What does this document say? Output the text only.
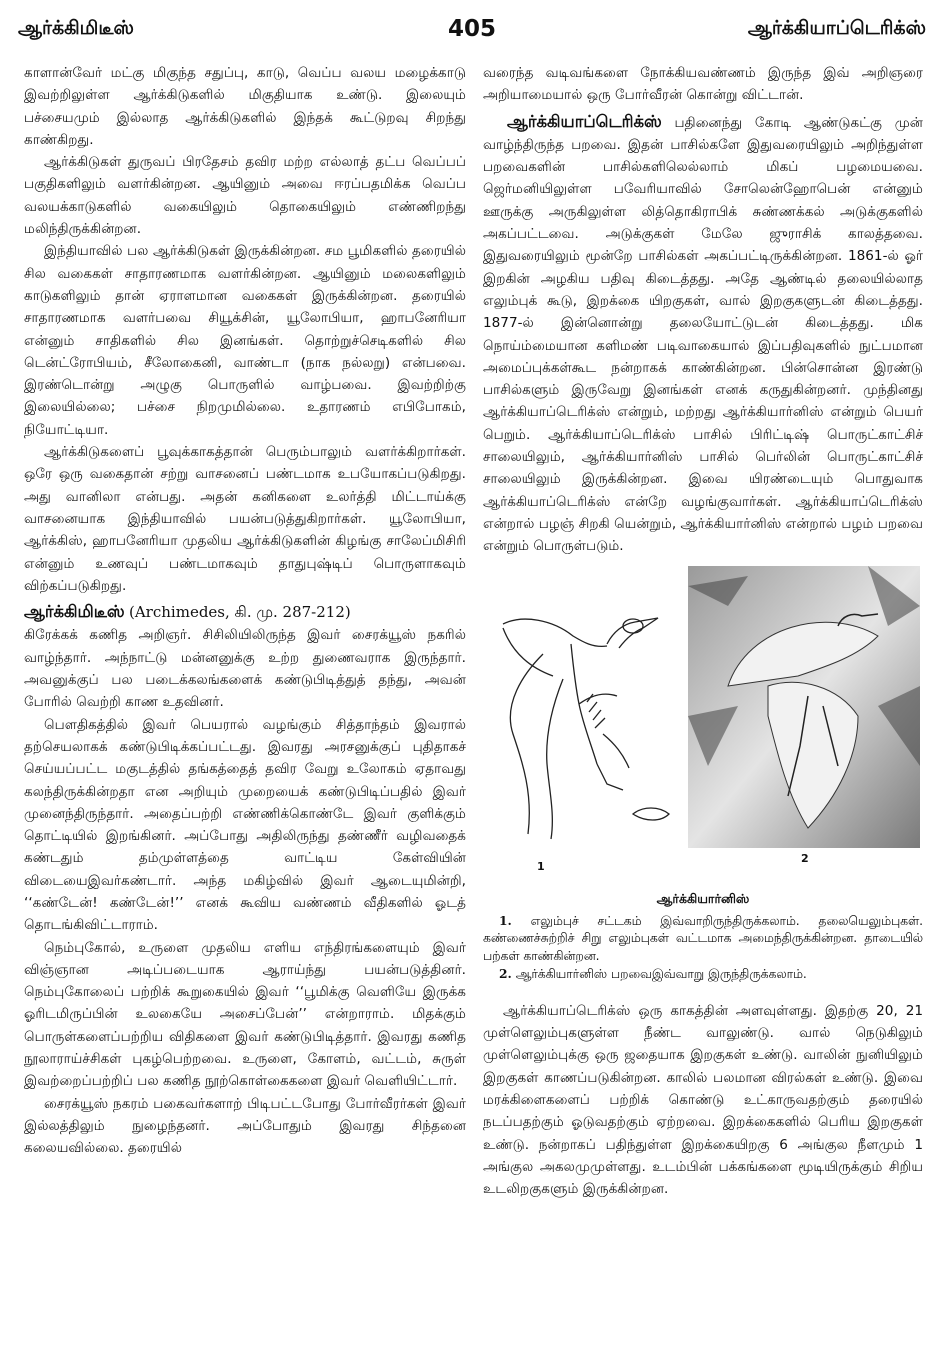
ஆர்க்கிமிடீஸ்	405	ஆர்க்கியாப்டெரிக்ஸ்

காளான்வேர் மட்கு மிகுந்த சதுப்பு, காடு, வெப்ப வலய மழைக்காடு இவற்றிலுள்ள ஆர்க்கிடுகளில் மிகுதியாக உண்டு. இலையும் பச்சையமும் இல்லாத ஆர்க்கிடுகளில் இந்தக் கூட்டுறவு சிறந்து காண்கிறது.

ஆர்க்கிடுகள் துருவப் பிரதேசம் தவிர மற்ற எல்லாத் தட்ப வெப்பப் பகுதிகளிலும் வளர்கின்றன. ஆயினும் அவை ஈரப்பதமிக்க வெப்ப வலயக்காடுகளில் வகையிலும் தொகையிலும் எண்ணிறந்து மலிந்திருக்கின்றன.

இந்தியாவில் பல ஆர்க்கிடுகள் இருக்கின்றன. சம பூமிகளில் தரையில் சில வகைகள் சாதாரணமாக வளர்கின்றன. ஆயினும் மலைகளிலும் காடுகளிலும் தான் ஏராளமான வகைகள் இருக்கின்றன. தரையில் சாதாரணமாக வளர்பவை சியூக்சின், யூலோபியா, ஹாபனேரியா என்னும் சாதிகளில் சில இனங்கள். தொற்றுச்செடிகளில் சில டென்ட்ரோபியம், சீலோகைனி, வாண்டா (நாக நல்லறு) என்பவை. இரண்டொன்று அழுகு பொருளில் வாழ்பவை. இவற்றிற்கு இலையில்லை; பச்சை நிறமுமில்லை. உதாரணம் எபிபோகம், நியோட்டியா.

ஆர்க்கிடுகளைப் பூவுக்காகத்தான் பெரும்பாலும் வளர்க்கிறார்கள். ஒரே ஒரு வகைதான் சற்று வாசனைப் பண்டமாக உபயோகப்படுகிறது. அது வானிலா என்பது. அதன் கனிகளை உலர்த்தி மிட்டாய்க்கு வாசனையாக இந்தியாவில் பயன்படுத்துகிறார்கள். யூலோபியா, ஆர்க்கிஸ், ஹாபனேரியா முதலிய ஆர்க்கிடுகளின் கிழங்கு சாலேப்மிசிரி என்னும் உணவுப் பண்டமாகவும் தாதுபுஷ்டிப் பொருளாகவும் விற்கப்படுகிறது.

ஆர்க்கிமிடீஸ் (Archimedes, கி. மு. 287-212)
கிரேக்கக் கணித அறிஞர். சிசிலியிலிருந்த இவர் சைரக்யூஸ் நகரில் வாழ்ந்தார். அந்நாட்டு மன்னனுக்கு உற்ற துணைவராக இருந்தார். அவனுக்குப் பல படைக்கலங்களைக் கண்டுபிடித்துத் தந்து, அவன் போரில் வெற்றி காண உதவினர்.

பௌதிகத்தில் இவர் பெயரால் வழங்கும் சித்தாந்தம் இவரால் தற்செயலாகக் கண்டுபிடிக்கப்பட்டது. இவரது அரசனுக்குப் புதிதாகச் செய்யப்பட்ட மகுடத்தில் தங்கத்தைத் தவிர வேறு உலோகம் ஏதாவது கலந்திருக்கின்றதா என அறியும் முறையைக் கண்டுபிடிப்பதில் இவர் முனைந்திருந்தார். அதைப்பற்றி எண்ணிக்கொண்டே இவர் குளிக்கும் தொட்டியில் இறங்கினர். அப்போது அதிலிருந்து தண்ணீர் வழிவதைக் கண்டதும் தம்முள்ளத்தை வாட்டிய கேள்வியின் விடையைஇவர்கண்டார். அந்த மகிழ்வில் இவர் ஆடையுமின்றி, ‘‘கண்டேன்! கண்டேன்!’’ எனக் கூவிய வண்ணம் வீதிகளில் ஓடத் தொடங்கிவிட்டாராம்.

நெம்புகோல், உருளை முதலிய எளிய எந்திரங்களையும் இவர் விஞ்ஞான அடிப்படையாக ஆராய்ந்து பயன்படுத்தினர். நெம்புகோலைப் பற்றிக் கூறுகையில் இவர் ‘‘பூமிக்கு வெளியே இருக்க ஓரிடமிருப்பின் உலகையே அசைப்பேன்’’ என்றாராம். மிதக்கும் பொருள்களைப்பற்றிய விதிகளை இவர் கண்டுபிடித்தார். இவரது கணித நூலாராய்ச்சிகள் புகழ்பெற்றவை. உருளை, கோளம், வட்டம், சுருள் இவற்றைப்பற்றிப் பல கணித நூற்கொள்கைகளை இவர் வெளியிட்டார்.

சைரக்யூஸ் நகரம் பகைவர்களாற் பிடிபட்டபோது போர்வீரர்கள் இவர் இல்லத்திலும் நுழைந்தனர். அப்போதும் இவரது சிந்தனை கலையவில்லை. தரையில்

வரைந்த வடிவங்களை நோக்கியவண்ணம் இருந்த இவ் அறிஞரை அறியாமையால் ஒரு போர்வீரன் கொன்று விட்டான்.

ஆர்க்கியாப்டெரிக்ஸ் பதினைந்து கோடி ஆண்டுகட்கு முன் வாழ்ந்திருந்த பறவை. இதன் பாசில்களே இதுவரையிலும் அறிந்துள்ள பறவைகளின் பாசில்களிலெல்லாம் மிகப் பழமையவை. ஜெர்மனியிலுள்ள பவேரியாவில் சோலென்ஹோபென் என்னும் ஊருக்கு அருகிலுள்ள லித்தொகிராபிக் சுண்ணக்கல் அடுக்குகளில் அகப்பட்டவை. அடுக்குகள் மேலே ஜுராசிக் காலத்தவை. இதுவரையிலும் மூன்றே பாசில்கள் அகப்பட்டிருக்கின்றன. 1861-ல் ஓர் இறகின் அழகிய பதிவு கிடைத்தது. அதே ஆண்டில் தலையில்லாத எலும்புக் கூடு, இறக்கை யிறகுகள், வால் இறகுகளுடன் கிடைத்தது. 1877-ல் இன்னொன்று தலையோட்டுடன் கிடைத்தது. மிக நொய்ம்மையான களிமண் படிவாகையால் இப்பதிவுகளில் நுட்பமான அமைப்புக்கள்கூட நன்றாகக் காண்கின்றன. பின்சொன்ன இரண்டு பாசில்களும் இருவேறு இனங்கள் எனக் கருதுகின்றனர். முந்தினது ஆர்க்கியாப்டெரிக்ஸ் என்றும், மற்றது ஆர்க்கியார்னிஸ் என்றும் பெயர் பெறும். ஆர்க்கியாப்டெரிக்ஸ் பாசில் பிரிட்டிஷ் பொருட்காட்சிச் சாலையிலும், ஆர்க்கியார்னிஸ் பாசில் பெர்லின் பொருட்காட்சிச் சாலையிலும் இருக்கின்றன. இவை யிரண்டையும் பொதுவாக ஆர்க்கியாப்டெரிக்ஸ் என்றே வழங்குவார்கள். ஆர்க்கியாப்டெரிக்ஸ் என்றால் பழஞ் சிறகி யென்றும், ஆர்க்கியார்னிஸ் என்றால் பழம் பறவை என்றும் பொருள்படும்.

1
2
ஆர்க்கியார்னிஸ்

1. எலும்புச் சட்டகம் இவ்வாறிருந்திருக்கலாம். தலையெலும்புகள். கண்ணைச்சுற்றிச் சிறு எலும்புகள் வட்டமாக அமைந்திருக்கின்றன. தாடையில் பற்கள் காண்கின்றன.

2. ஆர்க்கியார்னிஸ் பறவைஇவ்வாறு இருந்திருக்கலாம்.

ஆர்க்கியாப்டெரிக்ஸ் ஒரு காகத்தின் அளவுள்ளது. இதற்கு 20, 21 முள்ளெலும்புகளுள்ள நீண்ட வாலுண்டு. வால் நெடுகிலும் முள்ளெலும்புக்கு ஒரு ஜதையாக இறகுகள் உண்டு. வாலின் நுனியிலும் இறகுகள் காணப்படுகின்றன. காலில் பலமான விரல்கள் உண்டு. இவை மரக்கிளைகளைப் பற்றிக் கொண்டு உட்காருவதற்கும் தரையில் நடப்பதற்கும் ஓடுவதற்கும் ஏற்றவை. இறக்கைகளில் பெரிய இறகுகள் உண்டு. நன்றாகப் பதிந்துள்ள இறக்கையிறகு 6 அங்குல நீளமும் 1 அங்குல அகலமுமுள்ளது. உடம்பின் பக்கங்களை மூடியிருக்கும் சிறிய உடலிறகுகளும் இருக்கின்றன.
